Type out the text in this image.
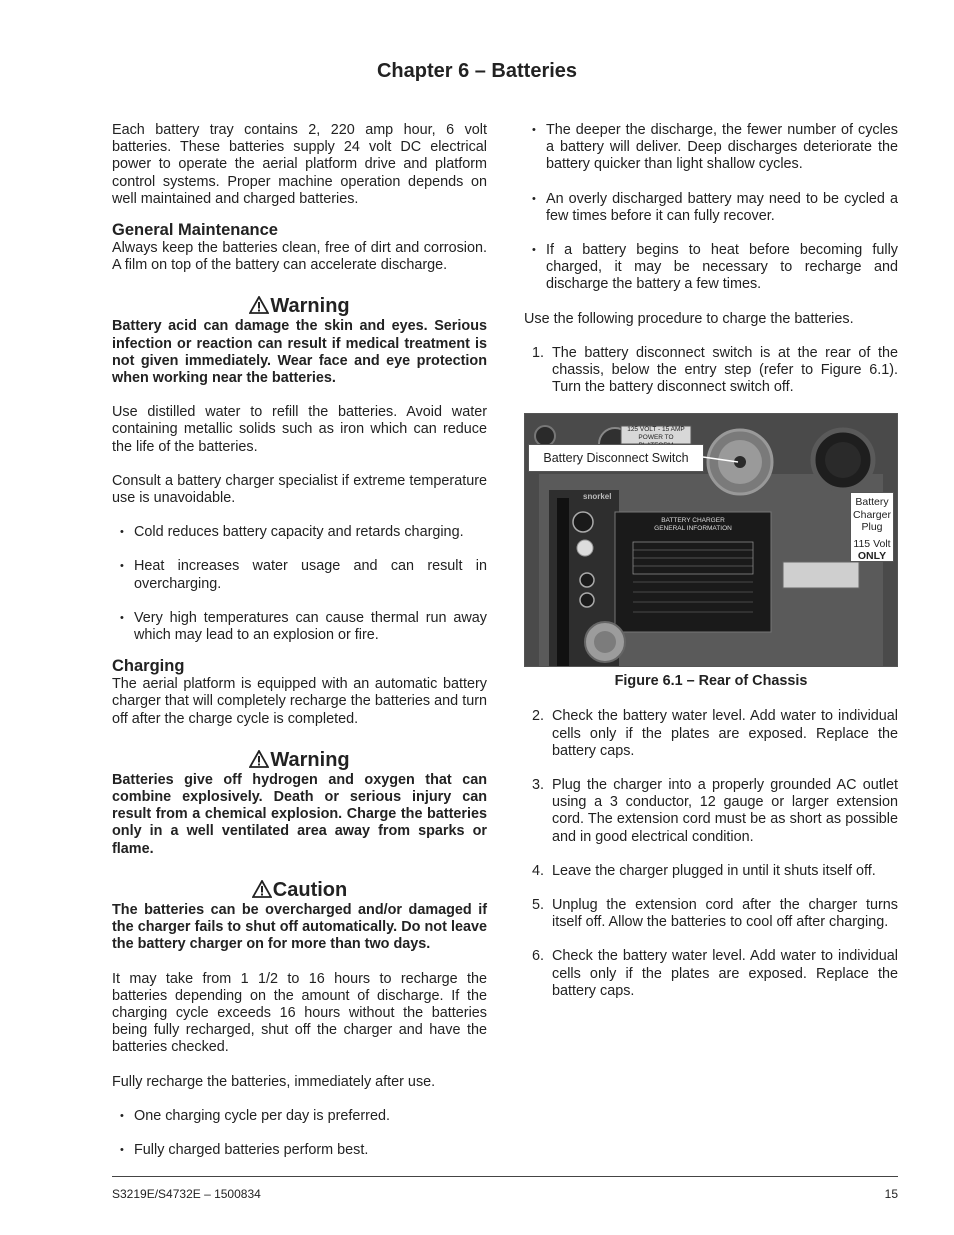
Chapter 6 – Batteries

Each battery tray contains 2, 220 amp hour, 6 volt batteries. These batteries supply 24 volt DC electrical power to operate the aerial platform drive and platform control systems. Proper machine operation depends on well maintained and charged batteries.

General Maintenance

Always keep the batteries clean, free of dirt and corrosion. A film on top of the battery can accelerate discharge.

Warning

Battery acid can damage the skin and eyes. Serious infection or reaction can result if medical treatment is not given immediately. Wear face and eye protection when working near the batteries.

Use distilled water to refill the batteries. Avoid water containing metallic solids such as iron which can reduce the life of the batteries.

Consult a battery charger specialist if extreme temperature use is unavoidable.

• Cold reduces battery capacity and retards charging.
• Heat increases water usage and can result in overcharging.
• Very high temperatures can cause thermal run away which may lead to an explosion or fire.
Charging

The aerial platform is equipped with an automatic battery charger that will completely recharge the batteries and turn off after the charge cycle is completed.

Warning

Batteries give off hydrogen and oxygen that can combine explosively. Death or serious injury can result from a chemical explosion. Charge the batteries only in a well ventilated area away from sparks or flame.

Caution

The batteries can be overcharged and/or damaged if the charger fails to shut off automatically. Do not leave the battery charger on for more than two days.

It may take from 1 1/2 to 16 hours to recharge the batteries depending on the amount of discharge. If the charging cycle exceeds 16 hours without the batteries being fully recharged, shut off the charger and have the batteries checked.

Fully recharge the batteries, immediately after use.

• One charging cycle per day is preferred.
• Fully charged batteries perform best.
• The deeper the discharge, the fewer number of cycles a battery will deliver. Deep discharges deteriorate the battery quicker than light shallow cycles.
• An overly discharged battery may need to be cycled a few times before it can fully recover.
• If a battery begins to heat before becoming fully charged, it may be necessary to recharge and discharge the battery a few times.

Use the following procedure to charge the batteries.

1. The battery disconnect switch is at the rear of the chassis, below the entry step (refer to Figure 6.1). Turn the battery disconnect switch off.
125 VOLT - 15 AMP
POWER TO
snorkel
BATTERY CHARGER
GENERAL INFORMATION
Battery Disconnect Switch
Battery
Charger
Plug
115 Volt
ONLY
Figure 6.1 – Rear of Chassis
2. Check the battery water level. Add water to individual cells only if the plates are exposed. Replace the battery caps.
3. Plug the charger into a properly grounded AC outlet using a 3 conductor, 12 gauge or larger extension cord. The extension cord must be as short as possible and in good electrical condition.
4. Leave the charger plugged in until it shuts itself off.
5. Unplug the extension cord after the charger turns itself off. Allow the batteries to cool off after charging.
6. Check the battery water level. Add water to individual cells only if the plates are exposed. Replace the battery caps.
S3219E/S4732E – 1500834	15
